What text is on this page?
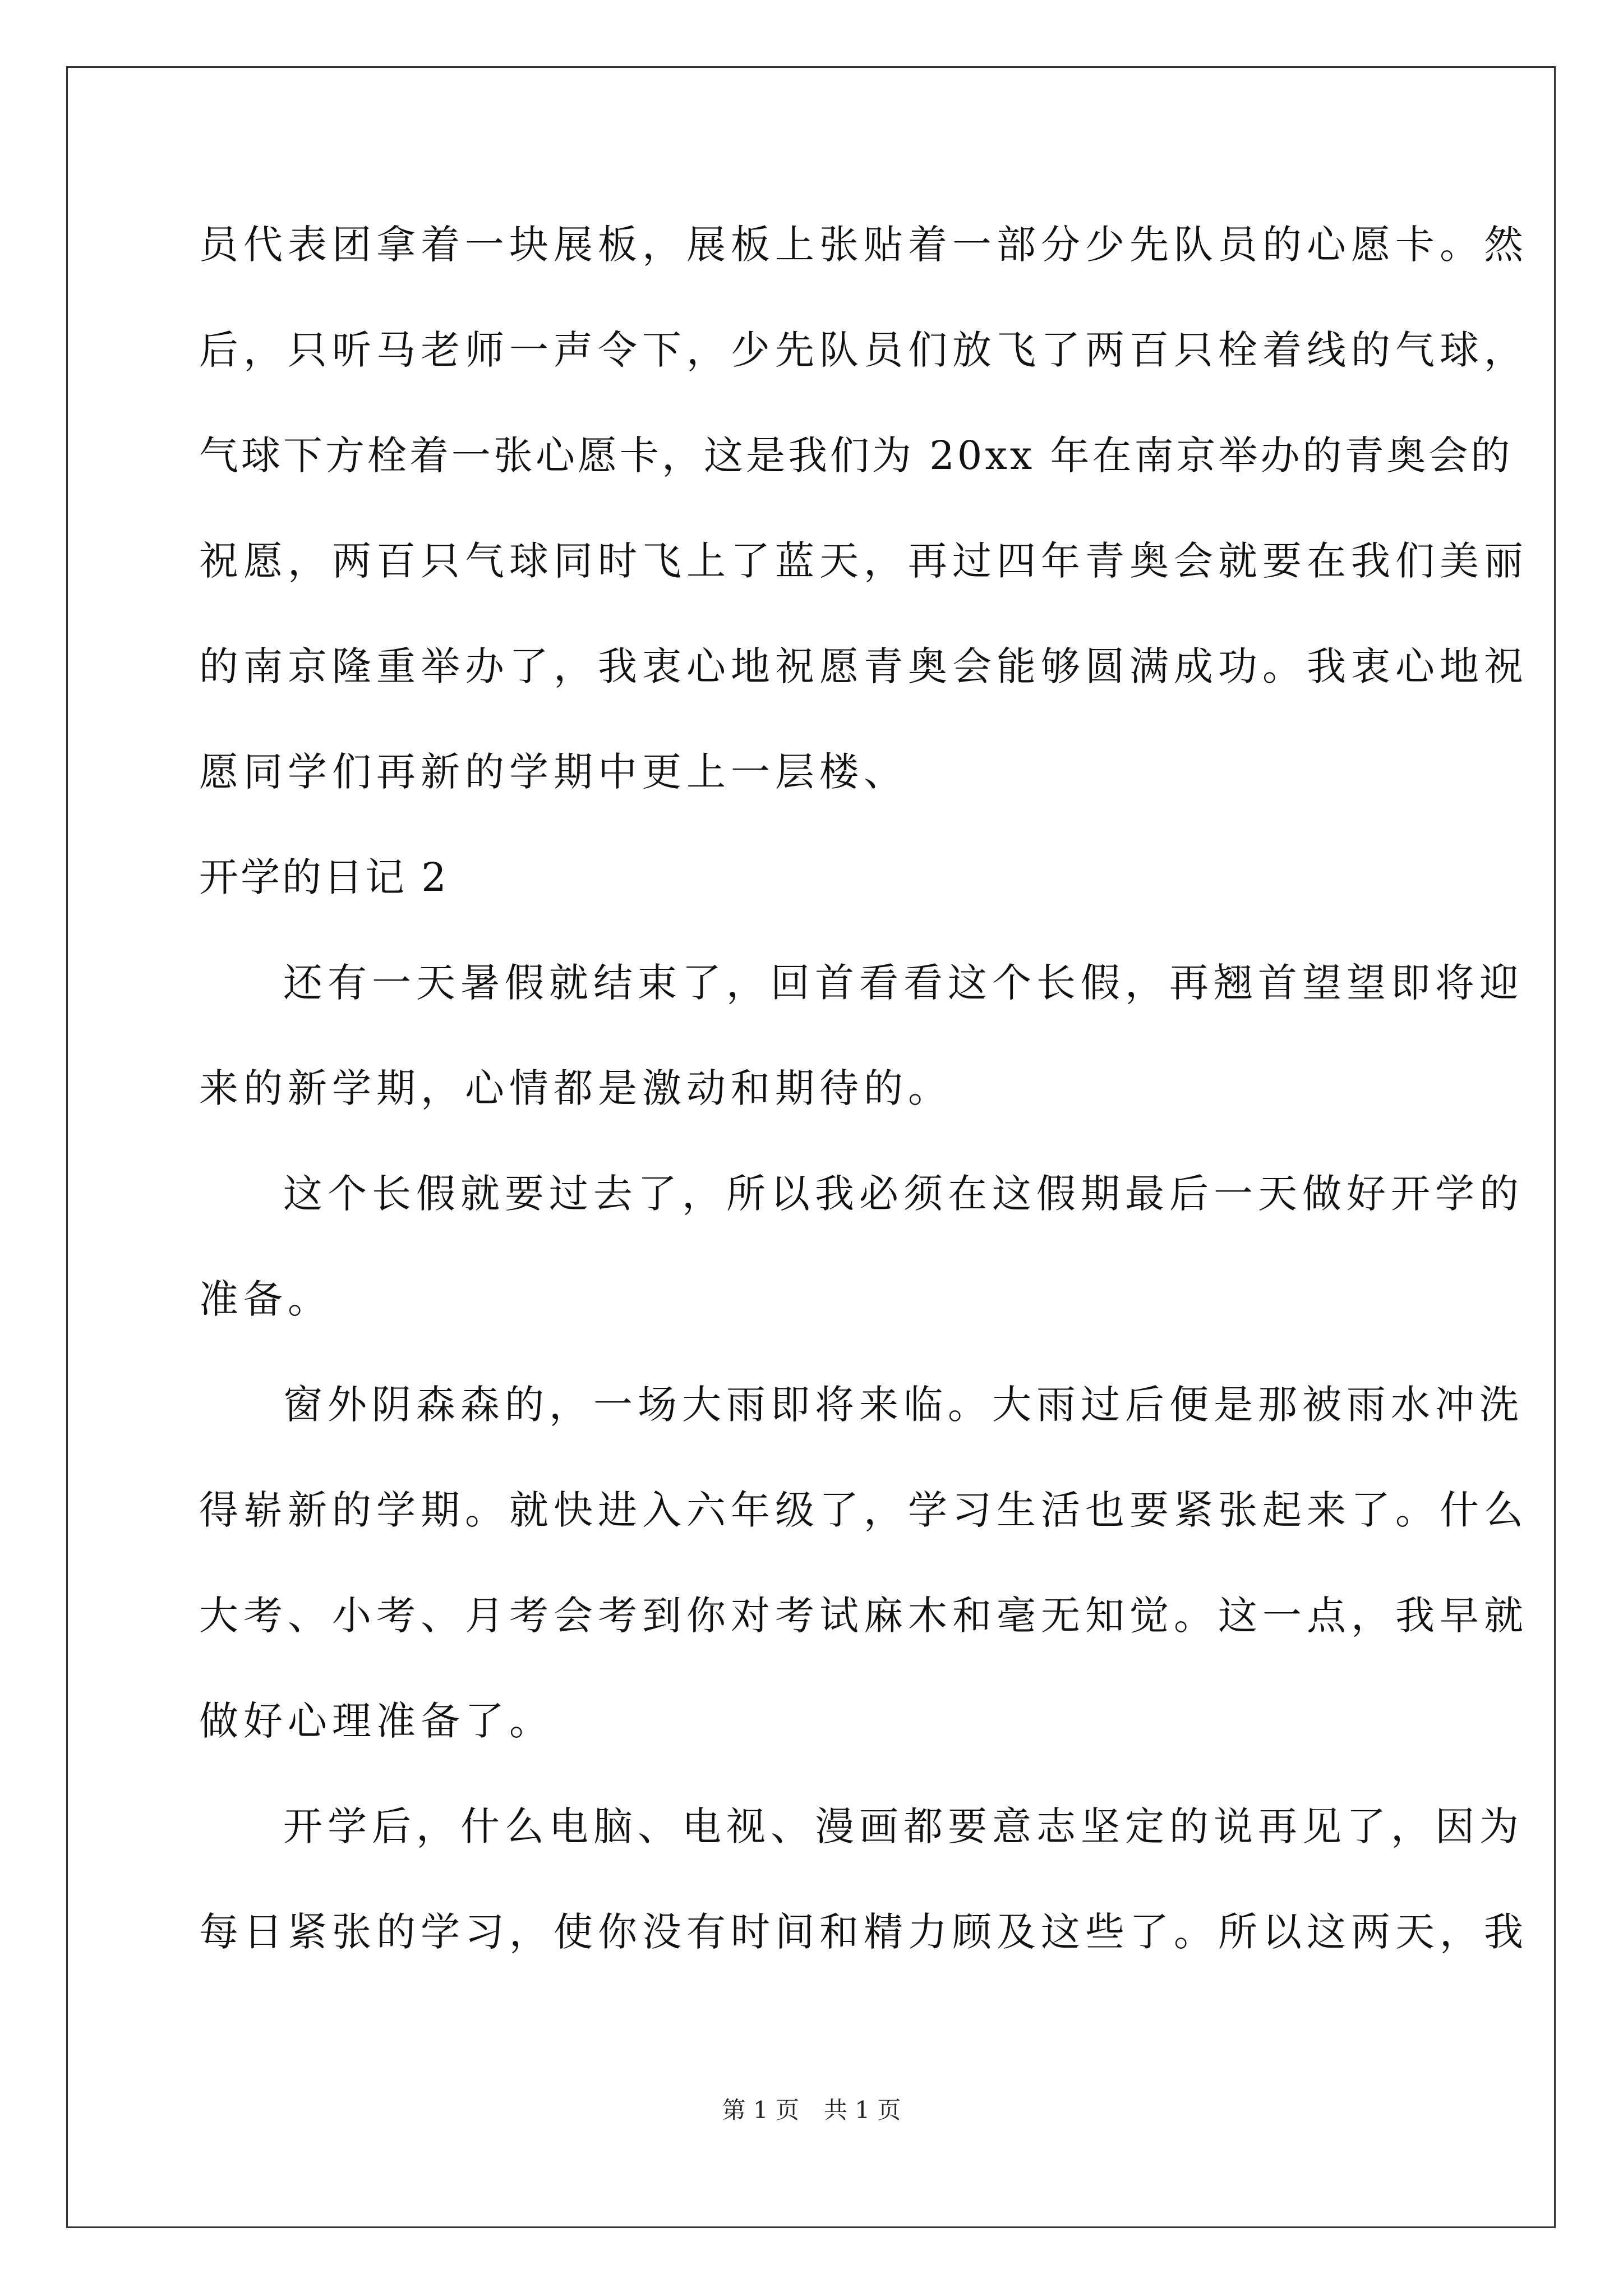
员代表团拿着一块展板，展板上张贴着一部分少先队员的心愿卡。然
后，只听马老师一声令下，少先队员们放飞了两百只栓着线的气球，
气球下方栓着一张心愿卡，这是我们为 20xx 年在南京举办的青奥会的
祝愿，两百只气球同时飞上了蓝天，再过四年青奥会就要在我们美丽
的南京隆重举办了，我衷心地祝愿青奥会能够圆满成功。我衷心地祝
愿同学们再新的学期中更上一层楼、
开学的日记 2
还有一天暑假就结束了，回首看看这个长假，再翘首望望即将迎
来的新学期，心情都是激动和期待的。
这个长假就要过去了，所以我必须在这假期最后一天做好开学的
准备。
窗外阴森森的，一场大雨即将来临。大雨过后便是那被雨水冲洗
得崭新的学期。就快进入六年级了，学习生活也要紧张起来了。什么
大考、小考、月考会考到你对考试麻木和毫无知觉。这一点，我早就
做好心理准备了。
开学后，什么电脑、电视、漫画都要意志坚定的说再见了，因为
每日紧张的学习，使你没有时间和精力顾及这些了。所以这两天，我
第 1 页 共 1 页
